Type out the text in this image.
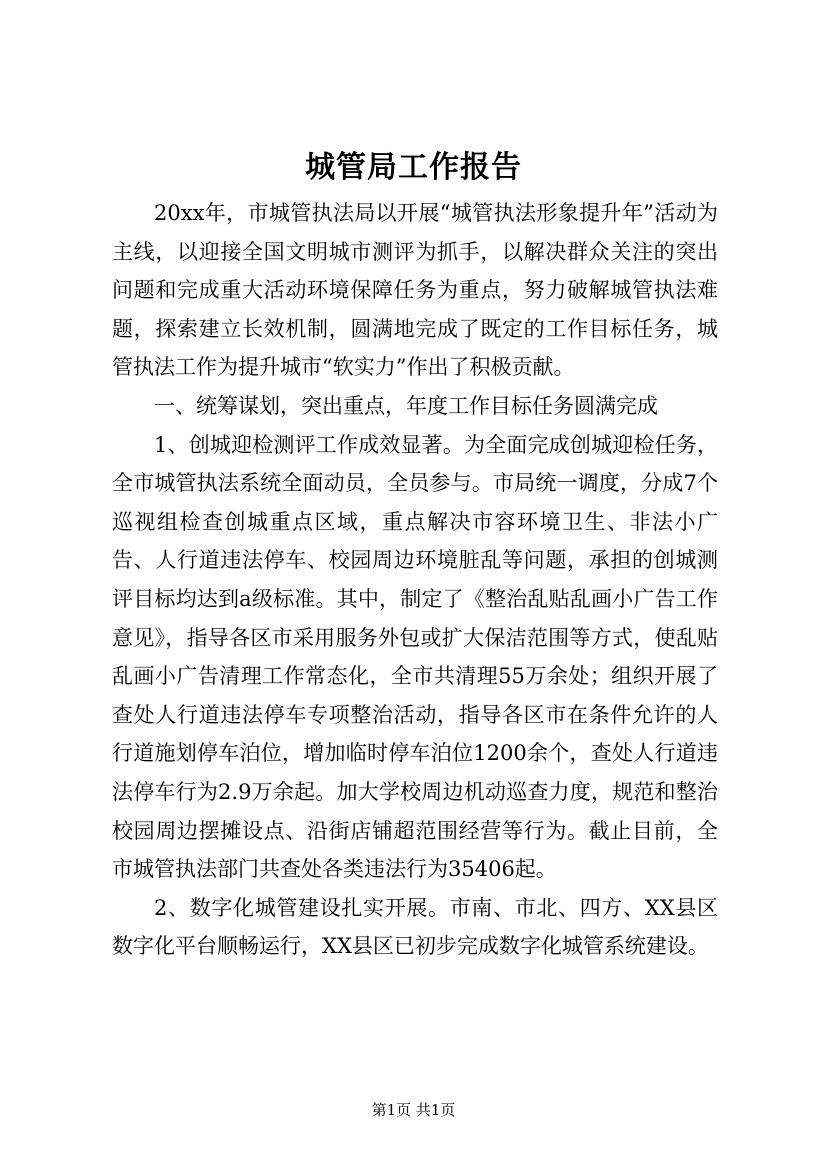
城管局工作报告

20xx年，市城管执法局以开展“城管执法形象提升年”活动为主线，以迎接全国文明城市测评为抓手，以解决群众关注的突出问题和完成重大活动环境保障任务为重点，努力破解城管执法难题，探索建立长效机制，圆满地完成了既定的工作目标任务，城管执法工作为提升城市“软实力”作出了积极贡献。

一、统筹谋划，突出重点，年度工作目标任务圆满完成

1、创城迎检测评工作成效显著。为全面完成创城迎检任务，全市城管执法系统全面动员，全员参与。市局统一调度，分成7个巡视组检查创城重点区域，重点解决市容环境卫生、非法小广告、人行道违法停车、校园周边环境脏乱等问题，承担的创城测评目标均达到a级标准。其中，制定了《整治乱贴乱画小广告工作意见》，指导各区市采用服务外包或扩大保洁范围等方式，使乱贴乱画小广告清理工作常态化，全市共清理55万余处；组织开展了查处人行道违法停车专项整治活动，指导各区市在条件允许的人行道施划停车泊位，增加临时停车泊位1200余个，查处人行道违法停车行为2.9万余起。加大学校周边机动巡查力度，规范和整治校园周边摆摊设点、沿街店铺超范围经营等行为。截止目前，全市城管执法部门共查处各类违法行为35406起。

2、数字化城管建设扎实开展。市南、市北、四方、XX县区数字化平台顺畅运行，XX县区已初步完成数字化城管系统建设。

第1页 共1页
